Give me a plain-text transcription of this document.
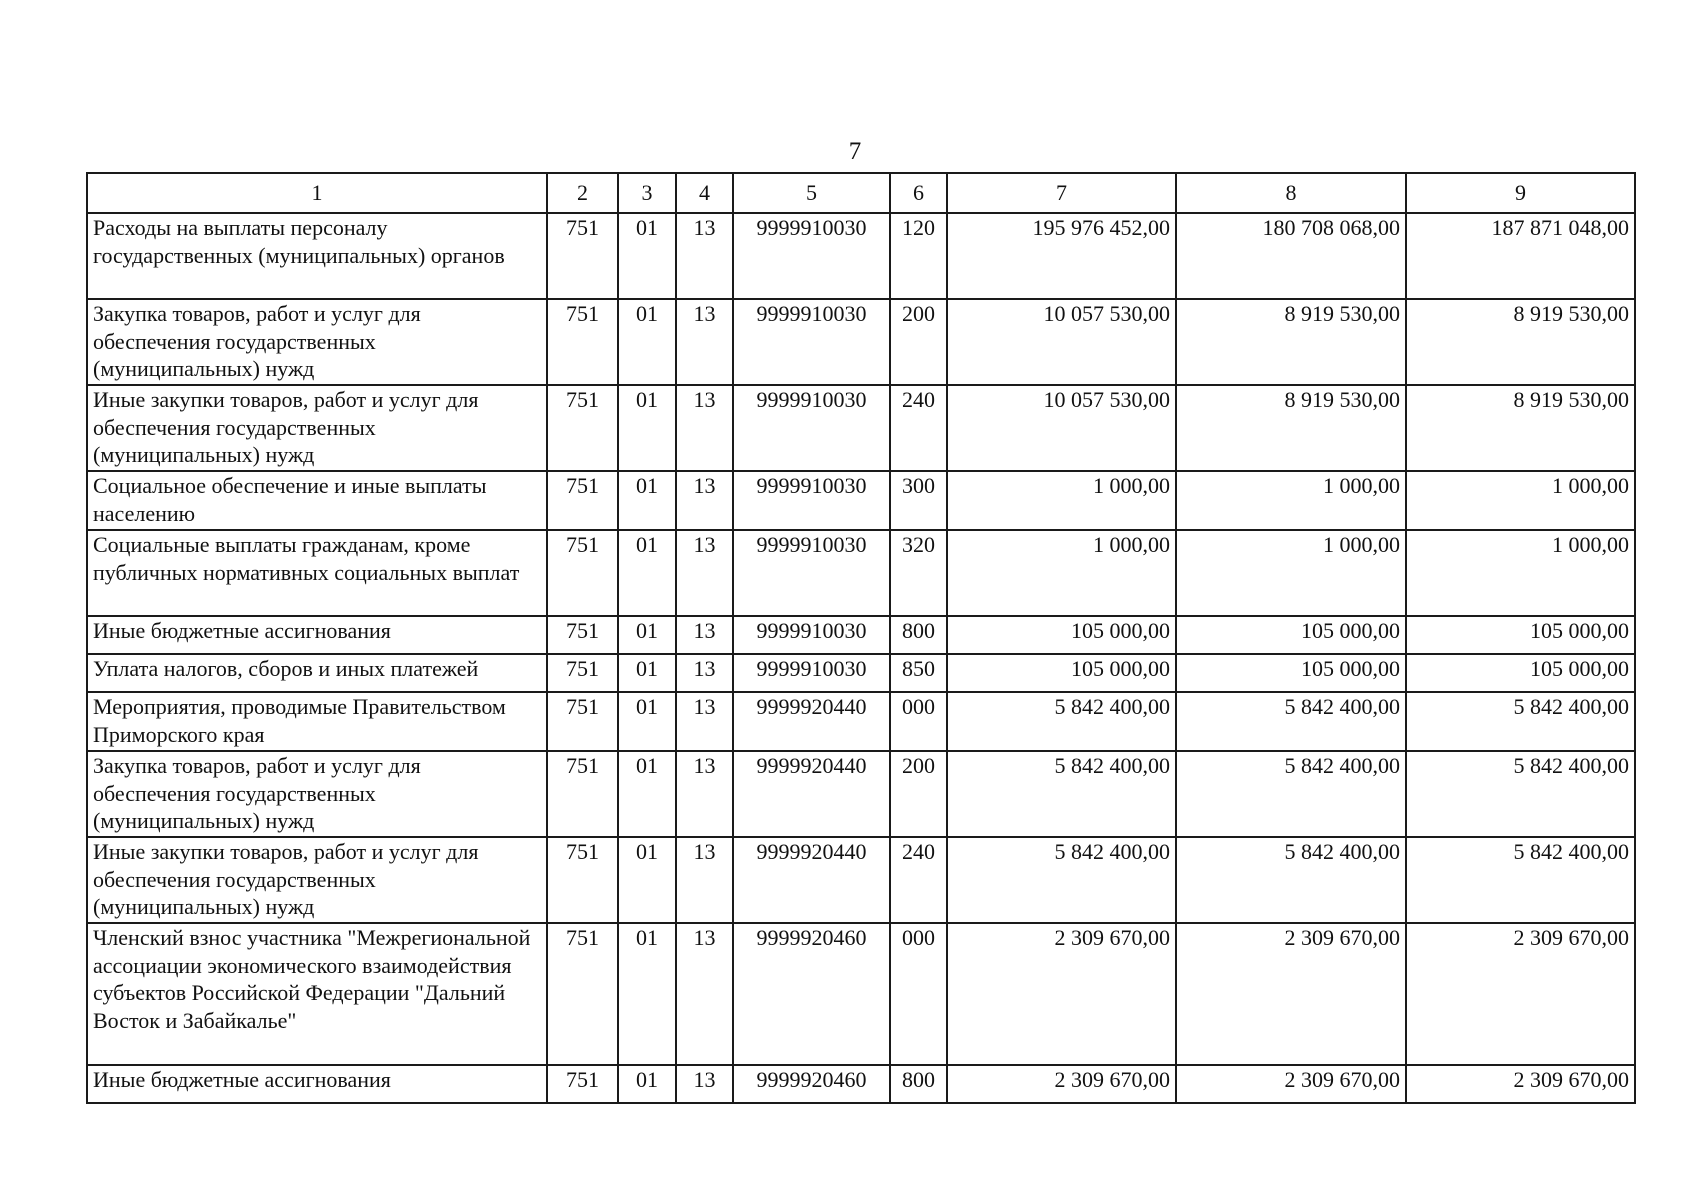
7
1	2	3	4	5	6	7	8	9
Расходы на выплаты персоналу государственных (муниципальных) органов	751	01	13	9999910030	120	195 976 452,00	180 708 068,00	187 871 048,00
Закупка товаров, работ и услуг для обеспечения государственных (муниципальных) нужд	751	01	13	9999910030	200	10 057 530,00	8 919 530,00	8 919 530,00
Иные закупки товаров, работ и услуг для обеспечения государственных (муниципальных) нужд	751	01	13	9999910030	240	10 057 530,00	8 919 530,00	8 919 530,00
Социальное обеспечение и иные выплаты населению	751	01	13	9999910030	300	1 000,00	1 000,00	1 000,00
Социальные выплаты гражданам, кроме публичных нормативных социальных выплат	751	01	13	9999910030	320	1 000,00	1 000,00	1 000,00
Иные бюджетные ассигнования	751	01	13	9999910030	800	105 000,00	105 000,00	105 000,00
Уплата налогов, сборов и иных платежей	751	01	13	9999910030	850	105 000,00	105 000,00	105 000,00
Мероприятия, проводимые Правительством Приморского края	751	01	13	9999920440	000	5 842 400,00	5 842 400,00	5 842 400,00
Закупка товаров, работ и услуг для обеспечения государственных (муниципальных) нужд	751	01	13	9999920440	200	5 842 400,00	5 842 400,00	5 842 400,00
Иные закупки товаров, работ и услуг для обеспечения государственных (муниципальных) нужд	751	01	13	9999920440	240	5 842 400,00	5 842 400,00	5 842 400,00
Членский взнос участника "Межрегиональной ассоциации экономического взаимодействия субъектов Российской Федерации "Дальний Восток и Забайкалье"	751	01	13	9999920460	000	2 309 670,00	2 309 670,00	2 309 670,00
Иные бюджетные ассигнования	751	01	13	9999920460	800	2 309 670,00	2 309 670,00	2 309 670,00
